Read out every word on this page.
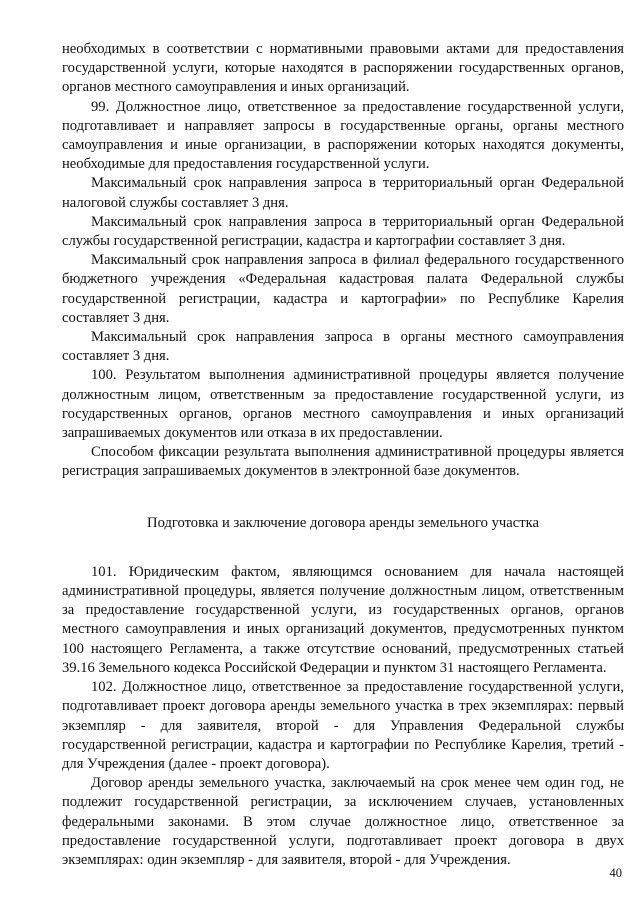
необходимых в соответствии с нормативными правовыми актами для предоставления государственной услуги, которые находятся в распоряжении государственных органов, органов местного самоуправления и иных организаций.

99. Должностное лицо, ответственное за предоставление государственной услуги, подготавливает и направляет запросы в государственные органы, органы местного самоуправления и иные организации, в распоряжении которых находятся документы, необходимые для предоставления государственной услуги.

Максимальный срок направления запроса в территориальный орган Федеральной налоговой службы составляет 3 дня.

Максимальный срок направления запроса в территориальный орган Федеральной службы государственной регистрации, кадастра и картографии составляет 3 дня.

Максимальный срок направления запроса в филиал федерального государственного бюджетного учреждения «Федеральная кадастровая палата Федеральной службы государственной регистрации, кадастра и картографии» по Республике Карелия составляет 3 дня.

Максимальный срок направления запроса в органы местного самоуправления составляет 3 дня.

100. Результатом выполнения административной процедуры является получение должностным лицом, ответственным за предоставление государственной услуги, из государственных органов, органов местного самоуправления и иных организаций запрашиваемых документов или отказа в их предоставлении.

Способом фиксации результата выполнения административной процедуры является регистрация запрашиваемых документов в электронной базе документов.

Подготовка и заключение договора аренды земельного участка

101. Юридическим фактом, являющимся основанием для начала настоящей административной процедуры, является получение должностным лицом, ответственным за предоставление государственной услуги, из государственных органов, органов местного самоуправления и иных организаций документов, предусмотренных пунктом 100 настоящего Регламента, а также отсутствие оснований, предусмотренных статьей 39.16 Земельного кодекса Российской Федерации и пунктом 31 настоящего Регламента.

102. Должностное лицо, ответственное за предоставление государственной услуги, подготавливает проект договора аренды земельного участка в трех экземплярах: первый экземпляр - для заявителя, второй - для Управления Федеральной службы государственной регистрации, кадастра и картографии по Республике Карелия, третий - для Учреждения (далее - проект договора).

Договор аренды земельного участка, заключаемый на срок менее чем один год, не подлежит государственной регистрации, за исключением случаев, установленных федеральными законами. В этом случае должностное лицо, ответственное за предоставление государственной услуги, подготавливает проект договора в двух экземплярах: один экземпляр - для заявителя, второй - для Учреждения.

40
